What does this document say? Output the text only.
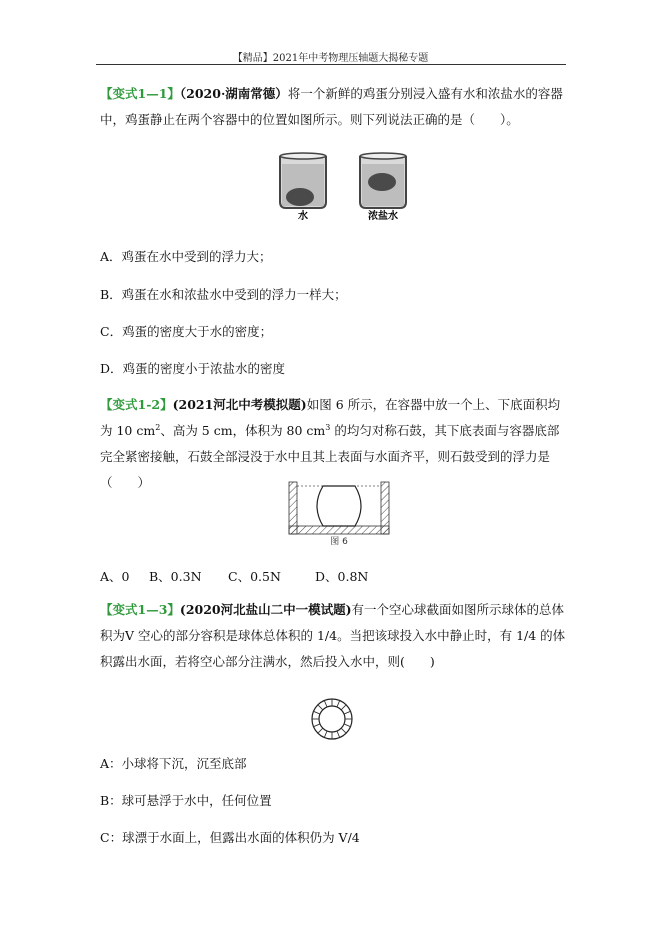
【精品】2021年中考物理压轴题大揭秘专题
【变式1—1】（2020·湖南常德）将一个新鲜的鸡蛋分别浸入盛有水和浓盐水的容器中，鸡蛋静止在两个容器中的位置如图所示。则下列说法正确的是（　　）。
水	浓盐水
A．鸡蛋在水中受到的浮力大；
B．鸡蛋在水和浓盐水中受到的浮力一样大；
C．鸡蛋的密度大于水的密度；
D．鸡蛋的密度小于浓盐水的密度
【变式1-2】(2021河北中考模拟题)如图 6 所示，在容器中放一个上、下底面积均为 10 $cm^2$、高为 5 cm，体积为 80 $cm^3$ 的均匀对称石鼓，其下底表面与容器底部完全紧密接触，石鼓全部浸没于水中且其上表面与水面齐平，则石鼓受到的浮力是（　　）
图 6
A、0 B、0.3N C、0.5N	D、0.8N
【变式1—3】(2020河北盐山二中一模试题)有一个空心球截面如图所示球体的总体积为V 空心的部分容积是球体总体积的 1/4。当把该球投入水中静止时，有 1/4 的体积露出水面，若将空心部分注满水，然后投入水中，则(　　)
A：小球将下沉，沉至底部
B：球可悬浮于水中，任何位置
C：球漂于水面上，但露出水面的体积仍为 V/4
